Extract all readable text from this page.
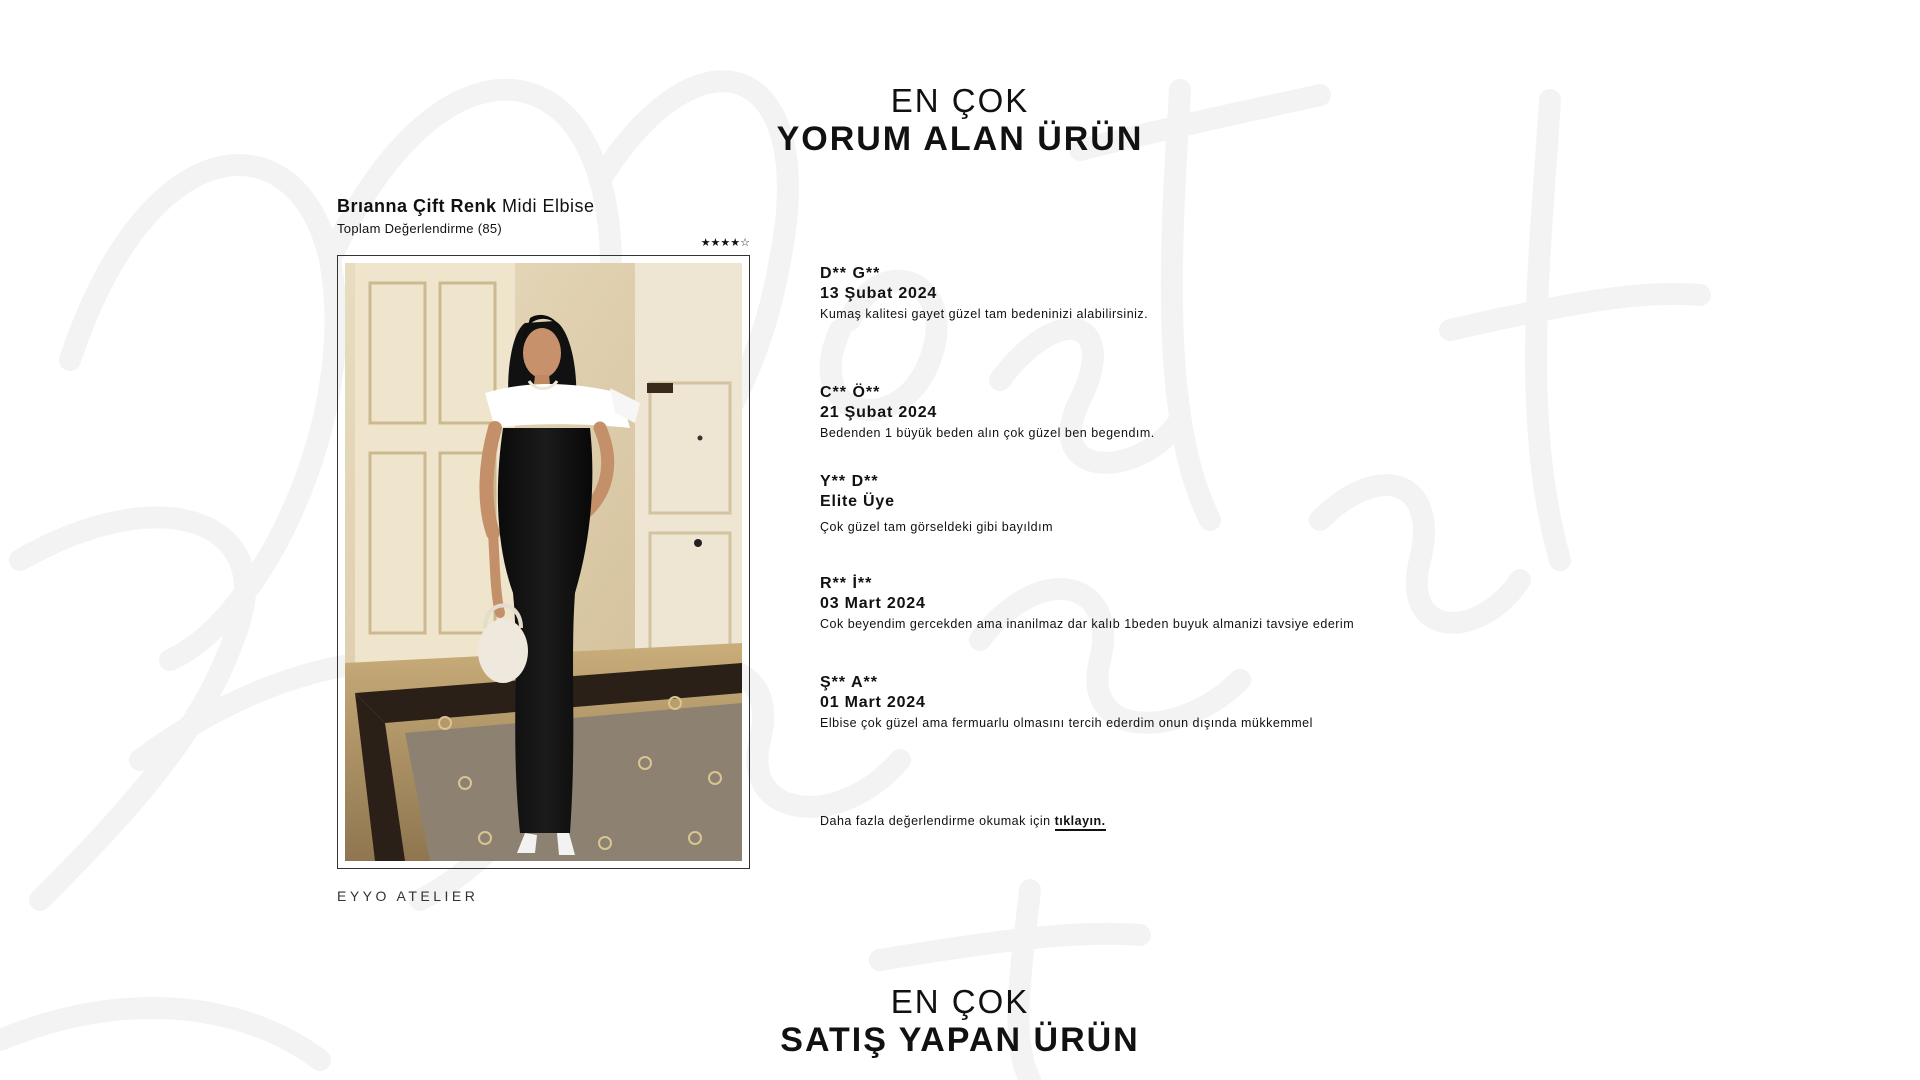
EN ÇOK
YORUM ALAN ÜRÜN
Brıanna Çift Renk Midi Elbise
Toplam Değerlendirme (85)
★★★★☆
EYYO ATELIER
D** G**
13 Şubat 2024
Kumaş kalitesi gayet güzel tam bedeninizi alabilirsiniz.
C** Ö**
21 Şubat 2024
Bedenden 1 büyük beden alın çok güzel ben begendım.
Y** D**
Elite Üye
Çok güzel tam görseldeki gibi bayıldım
R** İ**
03 Mart 2024
Cok beyendim gercekden ama inanilmaz dar kalıb 1beden buyuk almanizi tavsiye ederim
Ş** A**
01 Mart 2024
Elbise çok güzel ama fermuarlu olmasını tercih ederdim onun dışında mükkemmel
Daha fazla değerlendirme okumak için tıklayın.
EN ÇOK
SATIŞ YAPAN ÜRÜN
